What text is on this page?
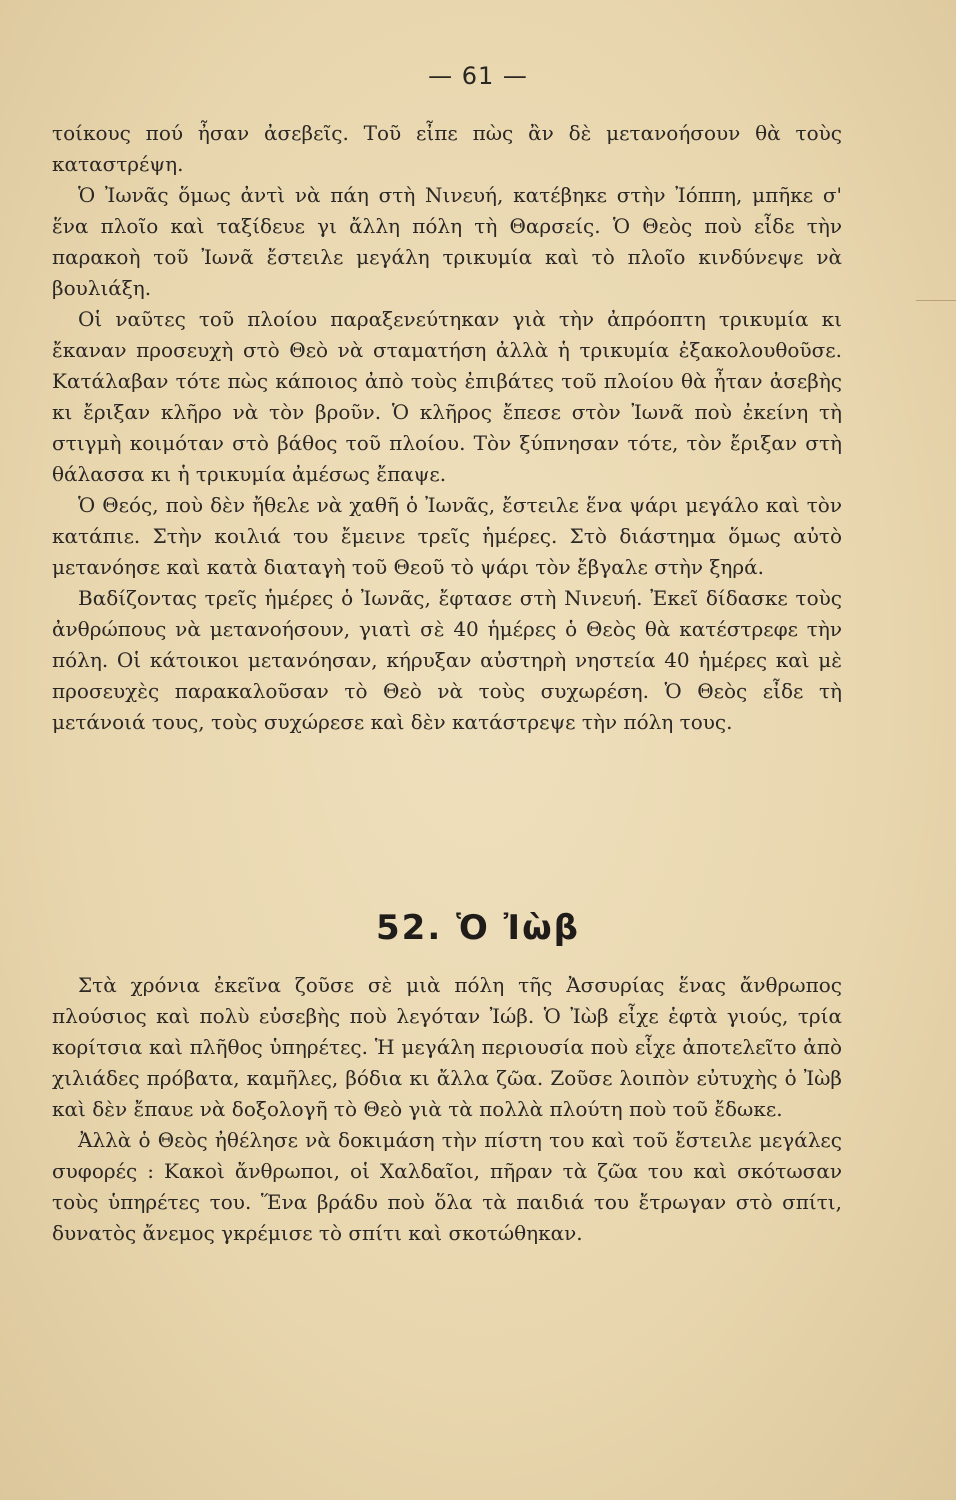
— 61 —

τοίκους πού ἦσαν ἀσεβεῖς. Τοῦ εἶπε πὼς ἂν δὲ μετανοήσουν θὰ τοὺς καταστρέψη.

Ὁ Ἰωνᾶς ὅμως ἀντὶ νὰ πάη στὴ Νινευή, κατέβηκε στὴν Ἰόππη, μπῆκε σ' ἕνα πλοῖο καὶ ταξίδευε γι ἄλλη πόλη τὴ Θαρσείς. Ὁ Θεὸς ποὺ εἶδε τὴν παρακοὴ τοῦ Ἰωνᾶ ἔστειλε μεγάλη τρικυμία καὶ τὸ πλοῖο κινδύνεψε νὰ βουλιάξη.

Οἱ ναῦτες τοῦ πλοίου παραξενεύτηκαν γιὰ τὴν ἀπρόοπτη τρικυμία κι ἔκαναν προσευχὴ στὸ Θεὸ νὰ σταματήση ἀλλὰ ἡ τρικυμία ἐξακολουθοῦσε. Κατάλαβαν τότε πὼς κάποιος ἀπὸ τοὺς ἐπιβάτες τοῦ πλοίου θὰ ἦταν ἀσεβὴς κι ἔριξαν κλῆρο νὰ τὸν βροῦν. Ὁ κλῆρος ἔπεσε στὸν Ἰωνᾶ ποὺ ἐκείνη τὴ στιγμὴ κοιμόταν στὸ βάθος τοῦ πλοίου. Τὸν ξύπνησαν τότε, τὸν ἔριξαν στὴ θάλασσα κι ἡ τρικυμία ἀμέσως ἔπαψε.

Ὁ Θεός, ποὺ δὲν ἤθελε νὰ χαθῆ ὁ Ἰωνᾶς, ἔστειλε ἕνα ψάρι μεγάλο καὶ τὸν κατάπιε. Στὴν κοιλιά του ἔμεινε τρεῖς ἡμέρες. Στὸ διάστημα ὅμως αὐτὸ μετανόησε καὶ κατὰ διαταγὴ τοῦ Θεοῦ τὸ ψάρι τὸν ἔβγαλε στὴν ξηρά.

Βαδίζοντας τρεῖς ἡμέρες ὁ Ἰωνᾶς, ἔφτασε στὴ Νινευή. Ἐκεῖ δίδασκε τοὺς ἀνθρώπους νὰ μετανοήσουν, γιατὶ σὲ 40 ἡμέρες ὁ Θεὸς θὰ κατέστρεφε τὴν πόλη. Οἱ κάτοικοι μετανόησαν, κήρυξαν αὐστηρὴ νηστεία 40 ἡμέρες καὶ μὲ προσευχὲς παρακαλοῦσαν τὸ Θεὸ νὰ τοὺς συχωρέση. Ὁ Θεὸς εἶδε τὴ μετάνοιά τους, τοὺς συχώρεσε καὶ δὲν κατάστρεψε τὴν πόλη τους.

52. Ὁ Ἰὼβ

Στὰ χρόνια ἐκεῖνα ζοῦσε σὲ μιὰ πόλη τῆς Ἀσσυρίας ἕνας ἄνθρωπος πλούσιος καὶ πολὺ εὐσεβὴς ποὺ λεγόταν Ἰώβ. Ὁ Ἰὼβ εἶχε ἑφτὰ γιούς, τρία κορίτσια καὶ πλῆθος ὑπηρέτες. Ἡ μεγάλη περιουσία ποὺ εἶχε ἀποτελεῖτο ἀπὸ χιλιάδες πρόβατα, καμῆλες, βόδια κι ἄλλα ζῶα. Ζοῦσε λοιπὸν εὐτυχὴς ὁ Ἰὼβ καὶ δὲν ἔπαυε νὰ δοξολογῆ τὸ Θεὸ γιὰ τὰ πολλὰ πλούτη ποὺ τοῦ ἔδωκε.

Ἀλλὰ ὁ Θεὸς ἠθέλησε νὰ δοκιμάση τὴν πίστη του καὶ τοῦ ἔστειλε μεγάλες συφορές : Κακοὶ ἄνθρωποι, οἱ Χαλδαῖοι, πῆραν τὰ ζῶα του καὶ σκότωσαν τοὺς ὑπηρέτες του. Ἕνα βράδυ ποὺ ὅλα τὰ παιδιά του ἔτρωγαν στὸ σπίτι, δυνατὸς ἄνεμος γκρέμισε τὸ σπίτι καὶ σκοτώθηκαν.
